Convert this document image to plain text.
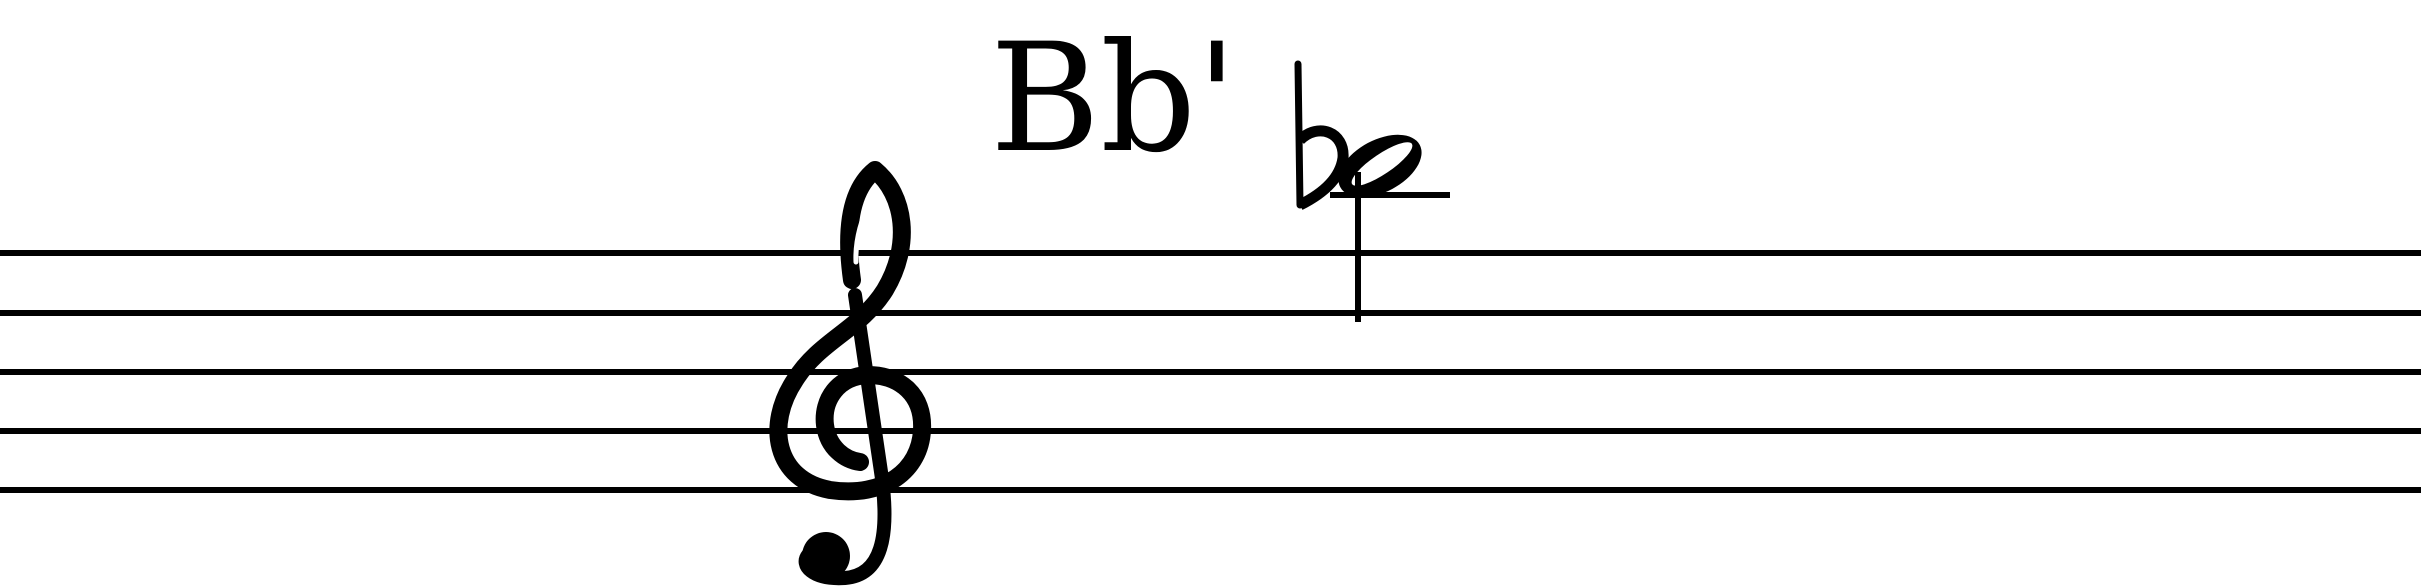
Bb'
